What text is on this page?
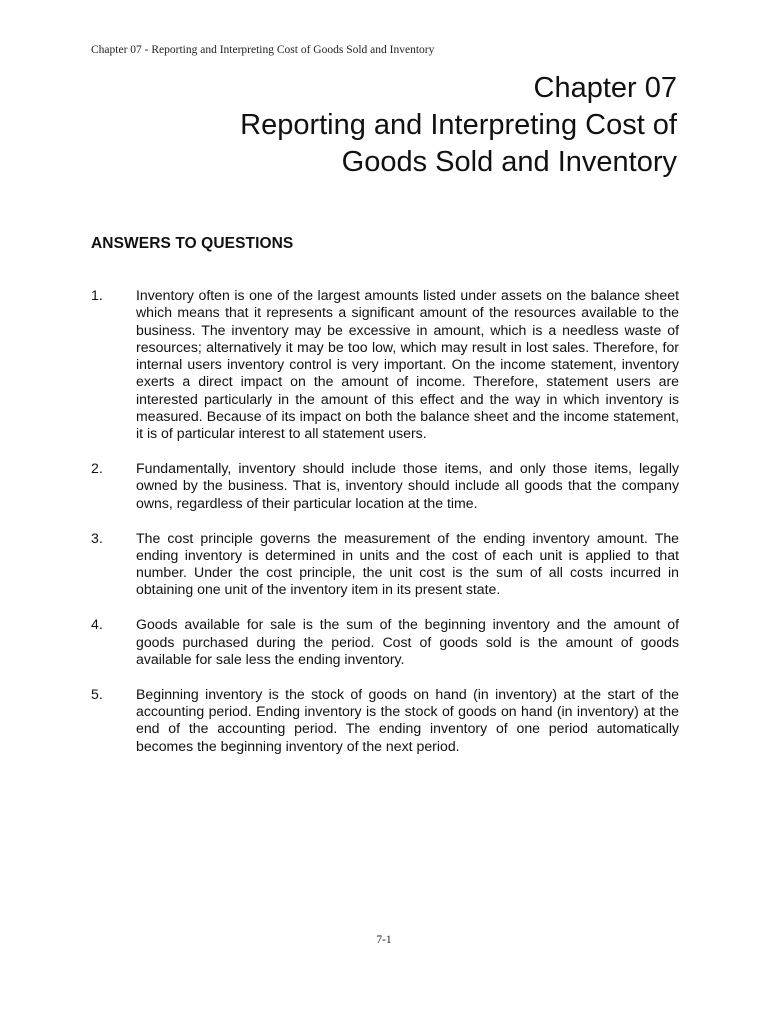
Chapter 07 - Reporting and Interpreting Cost of Goods Sold and Inventory
Chapter 07
Reporting and Interpreting Cost of
Goods Sold and Inventory
ANSWERS TO QUESTIONS
1.	Inventory often is one of the largest amounts listed under assets on the balance sheet which means that it represents a significant amount of the resources available to the business. The inventory may be excessive in amount, which is a needless waste of resources; alternatively it may be too low, which may result in lost sales. Therefore, for internal users inventory control is very important. On the income statement, inventory exerts a direct impact on the amount of income. Therefore, statement users are interested particularly in the amount of this effect and the way in which inventory is measured. Because of its impact on both the balance sheet and the income statement, it is of particular interest to all statement users.
2.	Fundamentally, inventory should include those items, and only those items, legally owned by the business. That is, inventory should include all goods that the company owns, regardless of their particular location at the time.
3.	The cost principle governs the measurement of the ending inventory amount. The ending inventory is determined in units and the cost of each unit is applied to that number. Under the cost principle, the unit cost is the sum of all costs incurred in obtaining one unit of the inventory item in its present state.
4.	Goods available for sale is the sum of the beginning inventory and the amount of goods purchased during the period. Cost of goods sold is the amount of goods available for sale less the ending inventory.
5.	Beginning inventory is the stock of goods on hand (in inventory) at the start of the accounting period. Ending inventory is the stock of goods on hand (in inventory) at the end of the accounting period. The ending inventory of one period automatically becomes the beginning inventory of the next period.
7-1
